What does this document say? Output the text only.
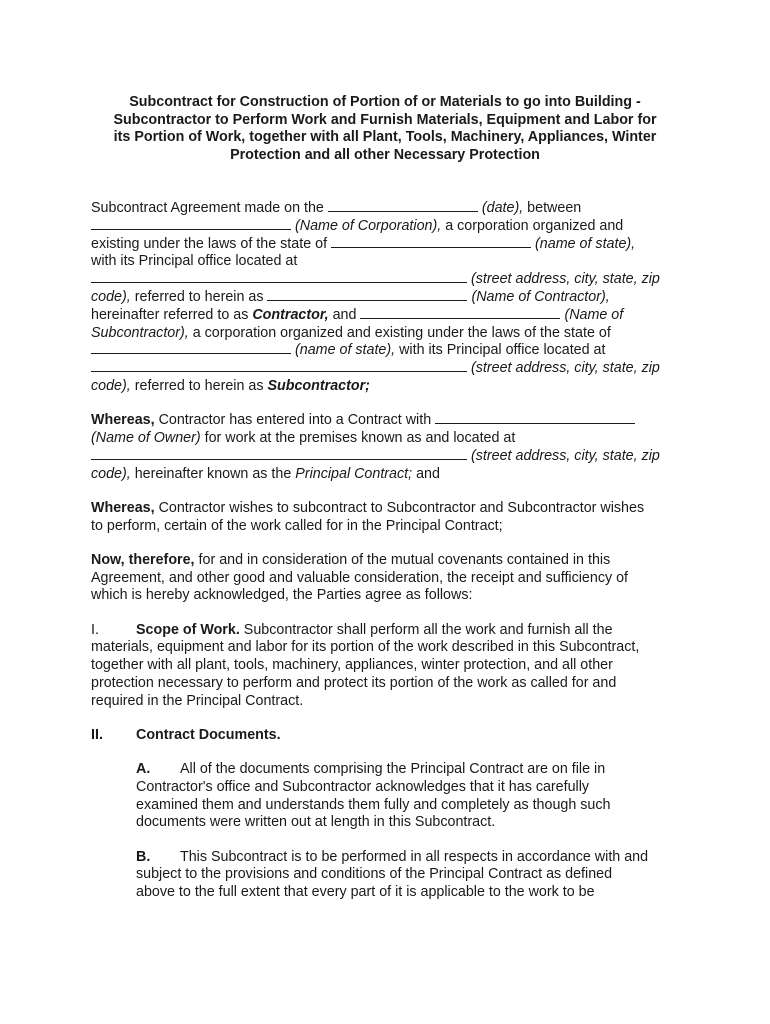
Subcontract for Construction of Portion of or Materials to go into Building -
Subcontractor to Perform Work and Furnish Materials, Equipment and Labor for
its Portion of Work, together with all Plant, Tools, Machinery, Appliances, Winter
Protection and all other Necessary Protection
Subcontract Agreement made on the	(date), between
(Name of Corporation), a corporation organized and
existing under the laws of the state of	(name of state),
with its Principal office located at
(street address, city, state, zip
code), referred to herein as	(Name of Contractor),
hereinafter referred to as Contractor, and	(Name of
Subcontractor), a corporation organized and existing under the laws of the state of
(name of state), with its Principal office located at
(street address, city, state, zip
code), referred to herein as Subcontractor;
Whereas, Contractor has entered into a Contract with
(Name of Owner) for work at the premises known as and located at
(street address, city, state, zip
code), hereinafter known as the Principal Contract; and
Whereas, Contractor wishes to subcontract to Subcontractor and Subcontractor wishes
to perform, certain of the work called for in the Principal Contract;
Now, therefore, for and in consideration of the mutual covenants contained in this
Agreement, and other good and valuable consideration, the receipt and sufficiency of
which is hereby acknowledged, the Parties agree as follows:
I.	Scope of Work. Subcontractor shall perform all the work and furnish all the
materials, equipment and labor for its portion of the work described in this Subcontract,
together with all plant, tools, machinery, appliances, winter protection, and all other
protection necessary to perform and protect its portion of the work as called for and
required in the Principal Contract.
II. Contract Documents.
A. All of the documents comprising the Principal Contract are on file in
Contractor's office and Subcontractor acknowledges that it has carefully
examined them and understands them fully and completely as though such
documents were written out at length in this Subcontract.
B. This Subcontract is to be performed in all respects in accordance with and
subject to the provisions and conditions of the Principal Contract as defined
above to the full extent that every part of it is applicable to the work to be
